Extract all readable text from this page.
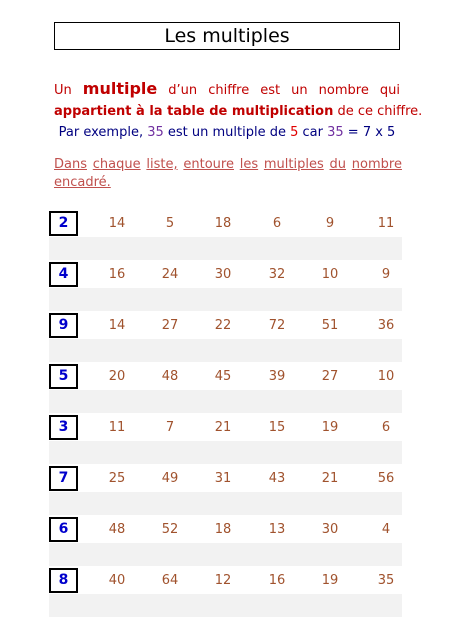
Les multiples
Un multiple d’un chiffre est un nombre qui
appartient à la table de multiplication de ce chiffre.
Par exemple, 35 est un multiple de 5 car 35 = 7 x 5
Dans chaque liste, entoure les multiples du nombre
encadré.
2	14	5	18	6	9	11
4	16	24	30	32	10	9
9	14	27	22	72	51	36
5	20	48	45	39	27	10
3	11	7	21	15	19	6
7	25	49	31	43	21	56
6	48	52	18	13	30	4
8	40	64	12	16	19	35
